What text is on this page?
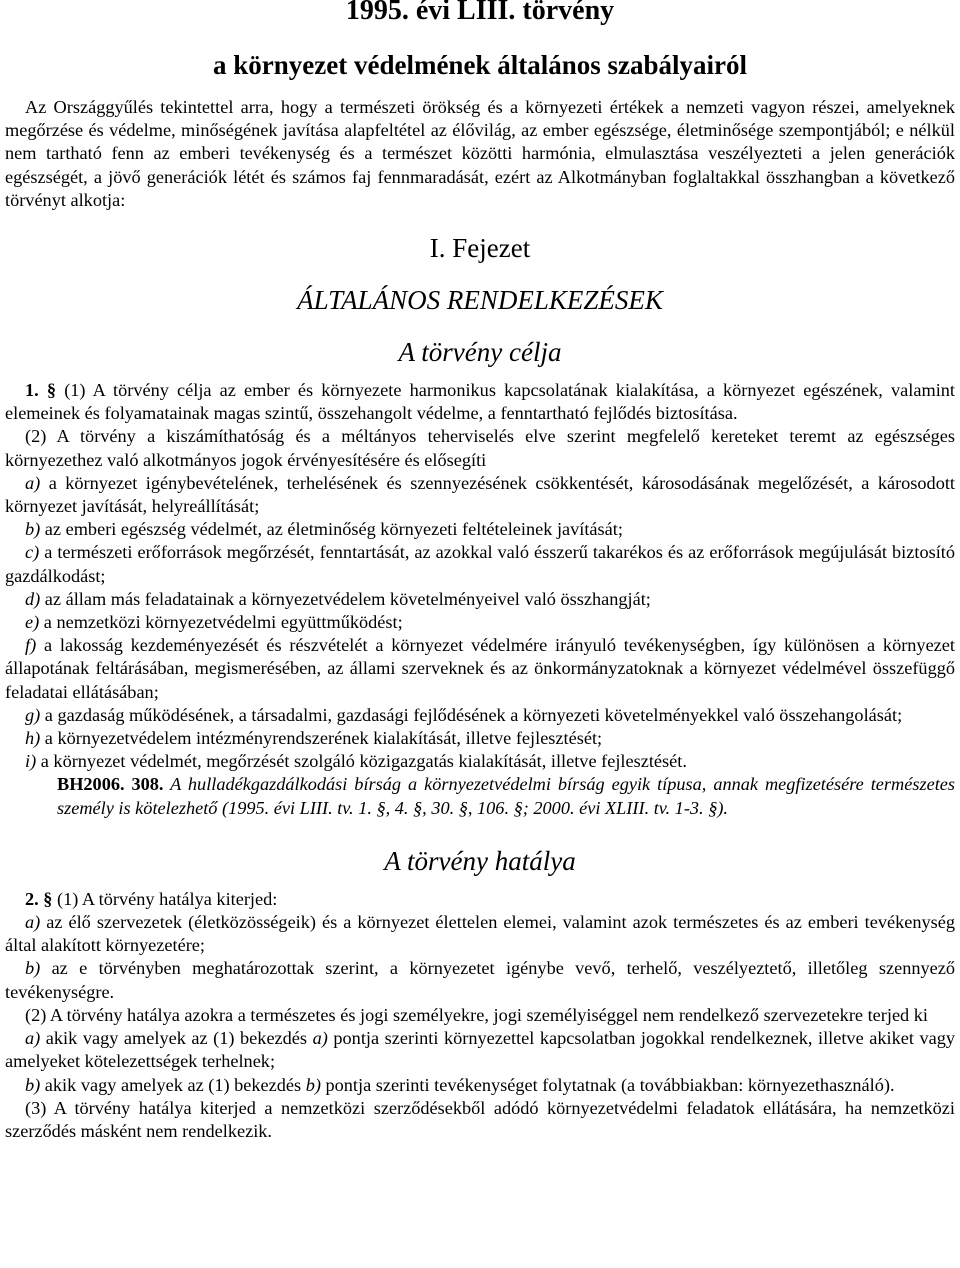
1995. évi LIII. törvény
a környezet védelmének általános szabályairól

Az Országgyűlés tekintettel arra, hogy a természeti örökség és a környezeti értékek a nemzeti vagyon részei, amelyeknek megőrzése és védelme, minőségének javítása alapfeltétel az élővilág, az ember egészsége, életminősége szempontjából; e nélkül nem tartható fenn az emberi tevékenység és a természet közötti harmónia, elmulasztása veszélyezteti a jelen generációk egészségét, a jövő generációk létét és számos faj fennmaradását, ezért az Alkotmányban foglaltakkal összhangban a következő törvényt alkotja:

I. Fejezet
ÁLTALÁNOS RENDELKEZÉSEK
A törvény célja

1. § (1) A törvény célja az ember és környezete harmonikus kapcsolatának kialakítása, a környezet egészének, valamint elemeinek és folyamatainak magas szintű, összehangolt védelme, a fenntartható fejlődés biztosítása.

(2) A törvény a kiszámíthatóság és a méltányos teherviselés elve szerint megfelelő kereteket teremt az egészséges környezethez való alkotmányos jogok érvényesítésére és elősegíti

a) a környezet igénybevételének, terhelésének és szennyezésének csökkentését, károsodásának megelőzését, a károsodott környezet javítását, helyreállítását;

b) az emberi egészség védelmét, az életminőség környezeti feltételeinek javítását;

c) a természeti erőforrások megőrzését, fenntartását, az azokkal való ésszerű takarékos és az erőforrások megújulását biztosító gazdálkodást;

d) az állam más feladatainak a környezetvédelem követelményeivel való összhangját;

e) a nemzetközi környezetvédelmi együttműködést;

f) a lakosság kezdeményezését és részvételét a környezet védelmére irányuló tevékenységben, így különösen a környezet állapotának feltárásában, megismerésében, az állami szerveknek és az önkormányzatoknak a környezet védelmével összefüggő feladatai ellátásában;

g) a gazdaság működésének, a társadalmi, gazdasági fejlődésének a környezeti követelményekkel való összehangolását;

h) a környezetvédelem intézményrendszerének kialakítását, illetve fejlesztését;

i) a környezet védelmét, megőrzését szolgáló közigazgatás kialakítását, illetve fejlesztését.

BH2006. 308. A hulladékgazdálkodási bírság a környezetvédelmi bírság egyik típusa, annak megfizetésére természetes személy is kötelezhető (1995. évi LIII. tv. 1. §, 4. §, 30. §, 106. §; 2000. évi XLIII. tv. 1-3. §).

A törvény hatálya

2. § (1) A törvény hatálya kiterjed:

a) az élő szervezetek (életközösségeik) és a környezet élettelen elemei, valamint azok természetes és az emberi tevékenység által alakított környezetére;

b) az e törvényben meghatározottak szerint, a környezetet igénybe vevő, terhelő, veszélyeztető, illetőleg szennyező tevékenységre.

(2) A törvény hatálya azokra a természetes és jogi személyekre, jogi személyiséggel nem rendelkező szervezetekre terjed ki

a) akik vagy amelyek az (1) bekezdés a) pontja szerinti környezettel kapcsolatban jogokkal rendelkeznek, illetve akiket vagy amelyeket kötelezettségek terhelnek;

b) akik vagy amelyek az (1) bekezdés b) pontja szerinti tevékenységet folytatnak (a továbbiakban: környezethasználó).

(3) A törvény hatálya kiterjed a nemzetközi szerződésekből adódó környezetvédelmi feladatok ellátására, ha nemzetközi szerződés másként nem rendelkezik.
